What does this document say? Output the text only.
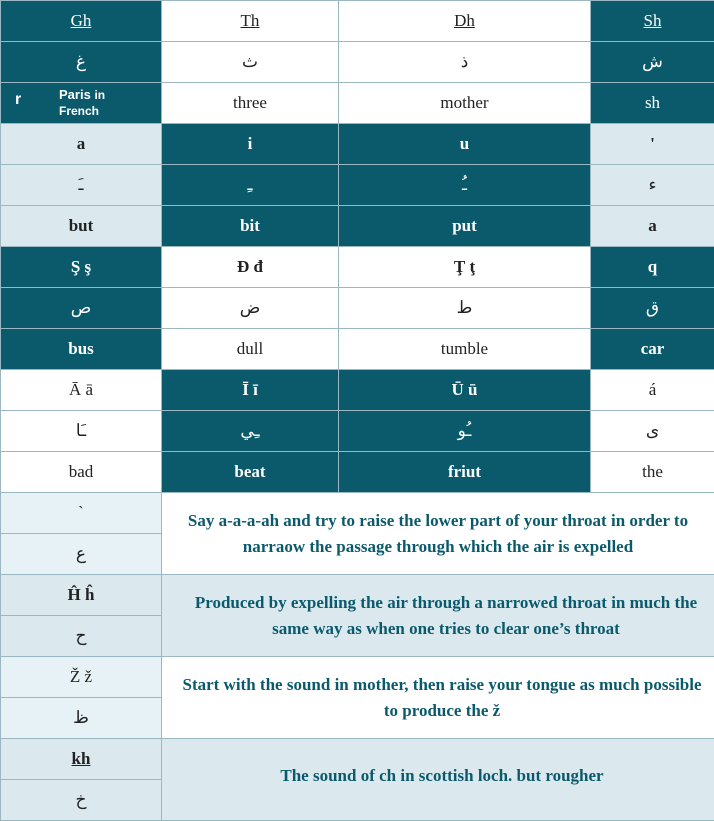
Gh	Th	Dh	Sh
غ	ث	ذ	ش

r Paris in
French	three	mother	sh
a	i	u	'
ـَ	ـِ	ـُ	ء
but	bit	put	a
Ş ş	Đ đ	Ţ ţ	q
ص	ض	ط	ق
bus	dull	tumble	car
Ā ā	Ī ī	Ū ū	á
ـَا	ـِي	ـُو	ى
bad	beat	friut	the
`	Say a-a-a-ah and try to raise the lower part of your throat in order to
narraow the passage through which the air is expelled		
ع			
Ĥ ĥ	Produced by expelling the air through a narrowed throat in much the
same way as when one tries to clear one’s throat		
ح			
Ž ž	Start with the sound in mother, then raise your tongue as much possible
to produce the ž		
ظ			
kh	The sound of ch in scottish loch. but rougher		
خ			
